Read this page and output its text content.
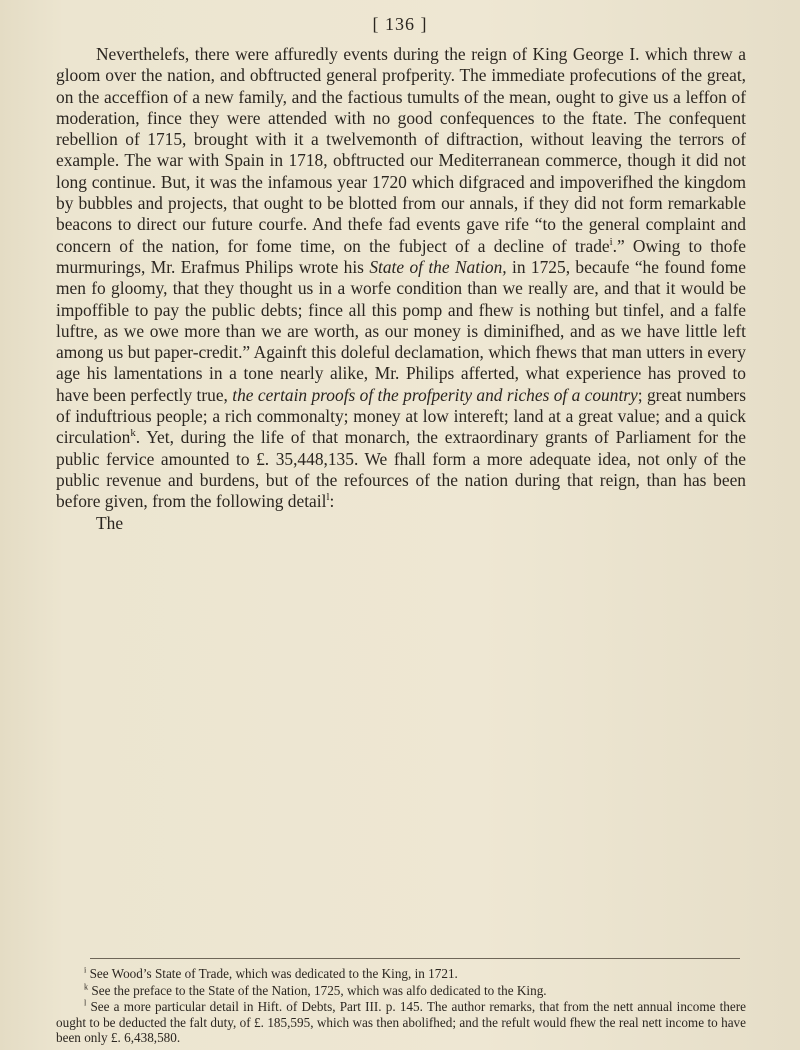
[ 136 ]

Neverthelefs, there were affuredly events during the reign of King George I. which threw a gloom over the nation, and obftructed general profperity. The immediate profecutions of the great, on the acceffion of a new family, and the factious tumults of the mean, ought to give us a leffon of moderation, fince they were attended with no good confequences to the ftate. The confequent rebellion of 1715, brought with it a twelvemonth of diftraction, without leaving the terrors of example. The war with Spain in 1718, obftructed our Mediterranean commerce, though it did not long continue. But, it was the infamous year 1720 which difgraced and impoverifhed the kingdom by bubbles and projects, that ought to be blotted from our annals, if they did not form remarkable beacons to direct our future courfe. And thefe fad events gave rife “to the general complaint and concern of the nation, for fome time, on the fubject of a decline of trade$^i$.” Owing to thofe murmurings, Mr. Erafmus Philips wrote his State of the Nation, in 1725, becaufe “he found fome men fo gloomy, that they thought us in a worfe condition than we really are, and that it would be impoffible to pay the public debts; fince all this pomp and fhew is nothing but tinfel, and a falfe luftre, as we owe more than we are worth, as our money is diminifhed, and as we have little left among us but paper-credit.” Againft this doleful declamation, which fhews that man utters in every age his lamentations in a tone nearly alike, Mr. Philips afferted, what experience has proved to have been perfectly true, the certain proofs of the profperity and riches of a country; great numbers of induftrious people; a rich commonalty; money at low intereft; land at a great value; and a quick circulation$^k$. Yet, during the life of that monarch, the extraordinary grants of Parliament for the public fervice amounted to £. 35,448,135. We fhall form a more adequate idea, not only of the public revenue and burdens, but of the refources of the nation during that reign, than has been before given, from the following detail$^l$:

The

$^i$ See Wood’s State of Trade, which was dedicated to the King, in 1721.

$^k$ See the preface to the State of the Nation, 1725, which was alfo dedicated to the King.

$^l$ See a more particular detail in Hift. of Debts, Part III. p. 145. The author remarks, that from the nett annual income there ought to be deducted the falt duty, of £. 185,595, which was then abolifhed; and the refult would fhew the real nett income to have been only £. 6,438,580.
